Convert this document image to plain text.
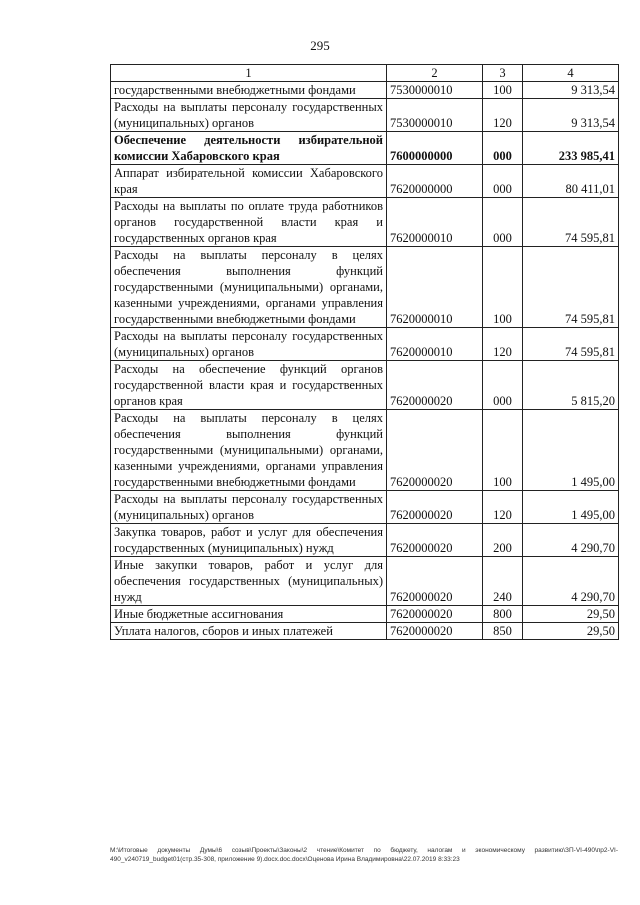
295
1	2	3	4
государственными внебюджетными фондами	7530000010	100	9 313,54
Расходы на выплаты персоналу государственных (муниципальных) органов	7530000010	120	9 313,54
Обеспечение деятельности избирательной комиссии Хабаровского края	7600000000	000	233 985,41
Аппарат избирательной комиссии Хабаровского края	7620000000	000	80 411,01
Расходы на выплаты по оплате труда работников органов государственной власти края и государственных органов края	7620000010	000	74 595,81
Расходы на выплаты персоналу в целях обеспечения выполнения функций государственными (муниципальными) органами, казенными учреждениями, органами управления государственными внебюджетными фондами	7620000010	100	74 595,81
Расходы на выплаты персоналу государственных (муниципальных) органов	7620000010	120	74 595,81
Расходы на обеспечение функций органов государственной власти края и государственных органов края	7620000020	000	5 815,20
Расходы на выплаты персоналу в целях обеспечения выполнения функций государственными (муниципальными) органами, казенными учреждениями, органами управления государственными внебюджетными фондами	7620000020	100	1 495,00
Расходы на выплаты персоналу государственных (муниципальных) органов	7620000020	120	1 495,00
Закупка товаров, работ и услуг для обеспечения государственных (муниципальных) нужд	7620000020	200	4 290,70
Иные закупки товаров, работ и услуг для обеспечения государственных (муниципальных) нужд	7620000020	240	4 290,70
Иные бюджетные ассигнования	7620000020	800	29,50
Уплата налогов, сборов и иных платежей	7620000020	850	29,50
M:\Итоговые документы Думы\6 созыв\Проекты\Законы\2 чтение\Комитет по бюджету, налогам и экономическому развитию\ЗП-VI-490\пр2-VI-490_v240719_budget01(стр.35-308, приложение 9).docx.doc.docx\Оценова Ирина Владимировна\22.07.2019 8:33:23
